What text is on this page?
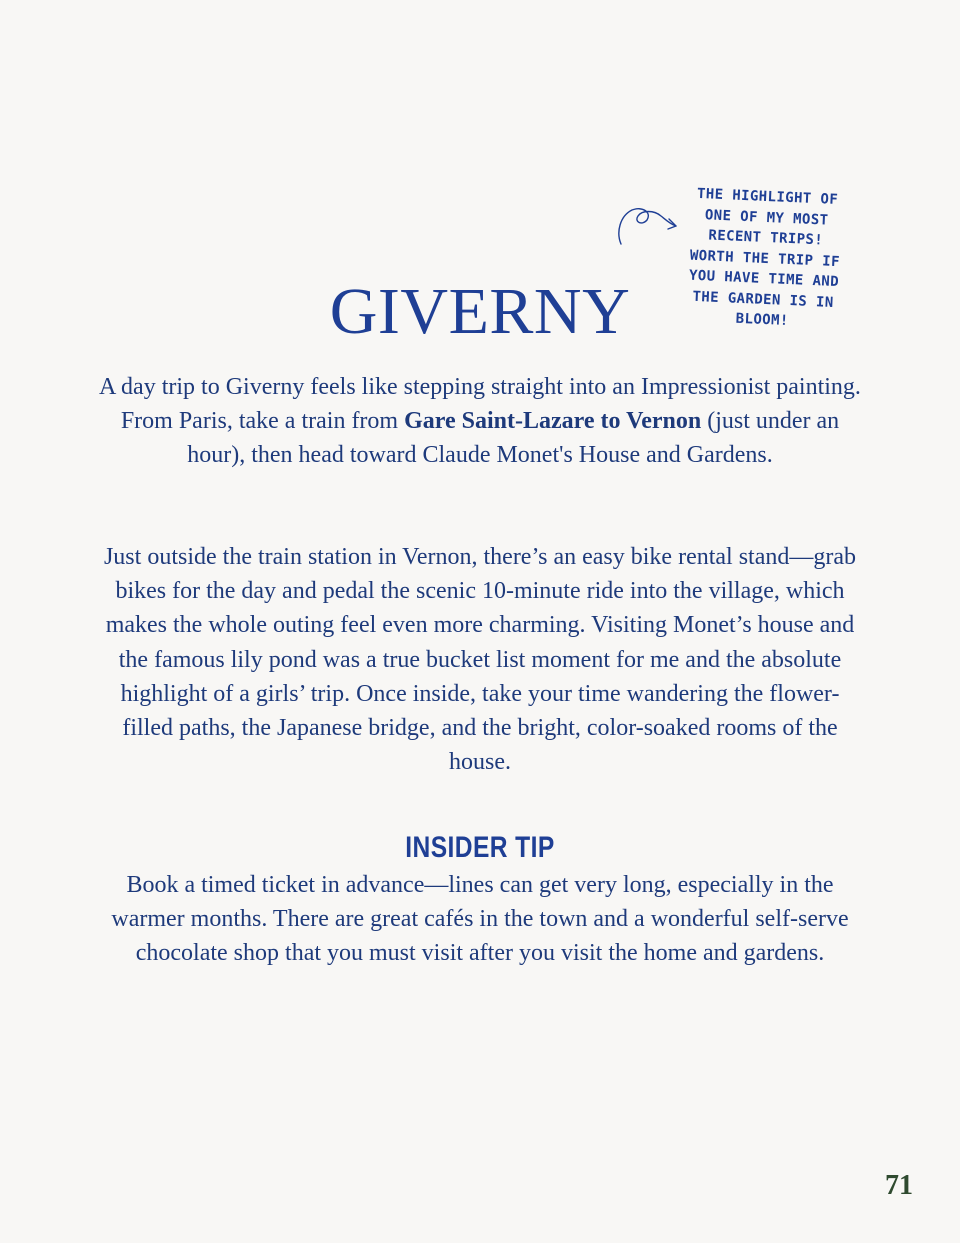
THE HIGHLIGHT OF
ONE OF MY MOST
RECENT TRIPS!
WORTH THE TRIP IF
YOU HAVE TIME AND
THE GARDEN IS IN
BLOOM!
GIVERNY

A day trip to Giverny feels like stepping straight into an Impressionist painting. From Paris, take a train from Gare Saint-Lazare to Vernon (just under an hour), then head toward Claude Monet's House and Gardens.

Just outside the train station in Vernon, there’s an easy bike rental stand—grab bikes for the day and pedal the scenic 10-minute ride into the village, which makes the whole outing feel even more charming. Visiting Monet’s house and the famous lily pond was a true bucket list moment for me and the absolute highlight of a girls’ trip. Once inside, take your time wandering the flower-filled paths, the Japanese bridge, and the bright, color-soaked rooms of the house.

INSIDER TIP

Book a timed ticket in advance—lines can get very long, especially in the warmer months. There are great cafés in the town and a wonderful self-serve chocolate shop that you must visit after you visit the home and gardens.

71
